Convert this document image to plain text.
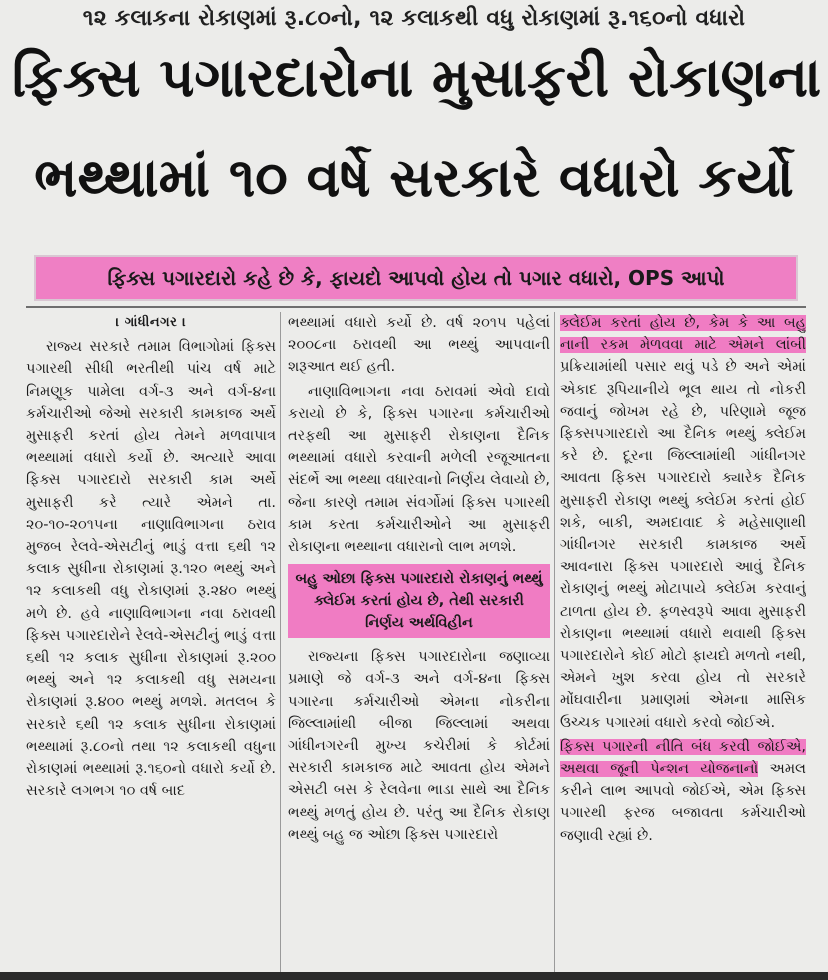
૧૨ કલાકના રોકાણમાં રૂ.૮૦નો, ૧૨ કલાકથી વધુ રોકાણમાં રૂ.૧૬૦નો વધારો
ફિક્સ પગારદારોના મુસાફરી રોકાણના
ભથ્થામાં ૧૦ વર્ષે સરકારે વધારો કર્યો
ફિક્સ પગારદારો કહે છે કે, ફાયદો આપવો હોય તો પગાર વધારો, OPS આપો
। ગાંધીનગર ।

રાજ્ય સરકારે તમામ વિભાગોમાં ફિક્સ પગારથી સીધી ભરતીથી પાંચ વર્ષ માટે નિમણૂક પામેલા વર્ગ-૩ અને વર્ગ-૪ના કર્મચારીઓ જેઓ સરકારી કામકાજ અર્થે મુસાફરી કરતાં હોય તેમને મળવાપાત્ર ભથ્થામાં વધારો કર્યો છે. અત્યારે આવા ફિક્સ પગારદારો સરકારી કામ અર્થે મુસાફરી કરે ત્યારે એમને તા. ૨૦-૧૦-૨૦૧૫ના નાણાવિભાગના ઠરાવ મુજબ રેલવે-એસટીનું ભાડું વત્તા ૬થી ૧૨ કલાક સુધીના રોકાણમાં રૂ.૧૨૦ ભથ્થું અને ૧૨ કલાકથી વધુ રોકાણમાં રૂ.૨૪૦ ભથ્થું મળે છે. હવે નાણાવિભાગના નવા ઠરાવથી ફિક્સ પગારદારોને રેલવે-એસટીનું ભાડું વત્તા ૬થી ૧૨ કલાક સુધીના રોકાણમાં રૂ.૨૦૦ ભથ્થું અને ૧૨ કલાકથી વધુ સમયના રોકાણમાં રૂ.૪૦૦ ભથ્થું મળશે. મતલબ કે સરકારે ૬થી ૧૨ કલાક સુધીના રોકાણમાં ભથ્થામાં રૂ.૮૦નો તથા ૧૨ કલાકથી વધુના રોકાણમાં ભથ્થામાં રૂ.૧૬૦નો વધારો કર્યો છે. સરકારે લગભગ ૧૦ વર્ષ બાદ

ભથ્થામાં વધારો કર્યો છે. વર્ષ ૨૦૧૫ પહેલાં ૨૦૦૮ના ઠરાવથી આ ભથ્થું આપવાની શરૂઆત થઈ હતી.

નાણાવિભાગના નવા ઠરાવમાં એવો દાવો કરાયો છે કે, ફિક્સ પગારના કર્મચારીઓ તરફથી આ મુસાફરી રોકાણના દૈનિક ભથ્થામાં વધારો કરવાની મળેલી રજૂઆતના સંદર્ભે આ ભથ્થા વધારવાનો નિર્ણય લેવાયો છે, જેના કારણે તમામ સંવર્ગોમાં ફિક્સ પગારથી કામ કરતા કર્મચારીઓને આ મુસાફરી રોકાણના ભથ્થાના વધારાનો લાભ મળશે.

બહુ ઓછા ફિક્સ પગારદારો રોકાણનું ભથ્થું ક્લેઈમ કરતાં હોય છે, તેથી સરકારી નિર્ણય અર્થવિહીન

રાજ્યના ફિક્સ પગારદારોના જણાવ્યા પ્રમાણે જે વર્ગ-૩ અને વર્ગ-૪ના ફિક્સ પગારના કર્મચારીઓ એમના નોકરીના જિલ્લામાંથી બીજા જિલ્લામાં અથવા ગાંધીનગરની મુખ્ય કચેરીમાં કે કોર્ટમાં સરકારી કામકાજ માટે આવતા હોય એમને એસટી બસ કે રેલવેના ભાડા સાથે આ દૈનિક ભથ્થું મળતું હોય છે. પરંતુ આ દૈનિક રોકાણ ભથ્થું બહુ જ ઓછા ફિક્સ પગારદારો

ક્લેઈમ કરતાં હોય છે, કેમ કે આ બહુ નાની રકમ મેળવવા માટે એમને લાંબી પ્રક્રિયામાંથી પસાર થવું પડે છે અને એમાં એકાદ રૂપિયાનીયે ભૂલ થાય તો નોકરી જવાનું જોખમ રહે છે, પરિણામે જૂજ ફિક્સપગારદારો આ દૈનિક ભથ્થું ક્લેઈમ કરે છે. દૂરના જિલ્લામાંથી ગાંધીનગર આવતા ફિક્સ પગારદારો ક્યારેક દૈનિક મુસાફરી રોકાણ ભથ્થું ક્લેઈમ કરતાં હોઈ શકે, બાકી, અમદાવાદ કે મહેસાણાથી ગાંધીનગર સરકારી કામકાજ અર્થે આવનારા ફિક્સ પગારદારો આવું દૈનિક રોકાણનું ભથ્થું મોટાપાયે ક્લેઈમ કરવાનું ટાળતા હોય છે. ફળસ્વરૂપે આવા મુસાફરી રોકાણના ભથ્થામાં વધારો થવાથી ફિક્સ પગારદારોને કોઈ મોટો ફાયદો મળતો નથી, એમને ખુશ કરવા હોય તો સરકારે મોંઘવારીના પ્રમાણમાં એમના માસિક ઉચ્ચક પગારમાં વધારો કરવો જોઈએ.

ફિક્સ પગારની નીતિ બંધ કરવી જોઈએ, અથવા જૂની પેન્શન યોજનાનો અમલ કરીને લાભ આપવો જોઈએ, એમ ફિક્સ પગારથી ફરજ બજાવતા કર્મચારીઓ જણાવી રહ્યાં છે.
